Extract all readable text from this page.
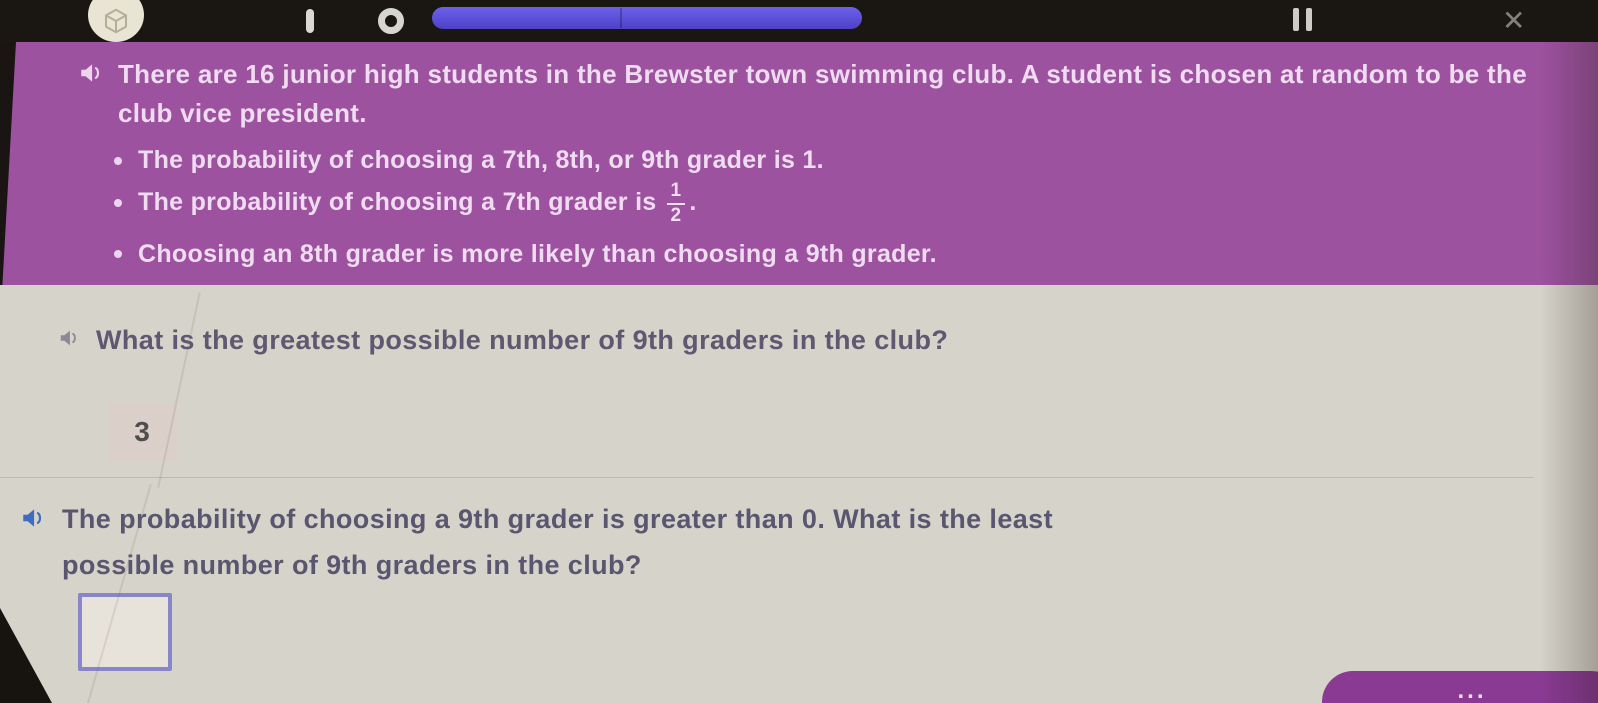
✕
There are 16 junior high students in the Brewster town swimming club. A student is chosen at random to be the club vice president.
The probability of choosing a 7th, 8th, or 9th grader is 1.
The probability of choosing a 7th grader is $\frac{1}{2}$ .
Choosing an 8th grader is more likely than choosing a 9th grader.
What is the greatest possible number of 9th graders in the club?
3
The probability of choosing a 9th grader is greater than 0. What is the least possible number of 9th graders in the club?
...
